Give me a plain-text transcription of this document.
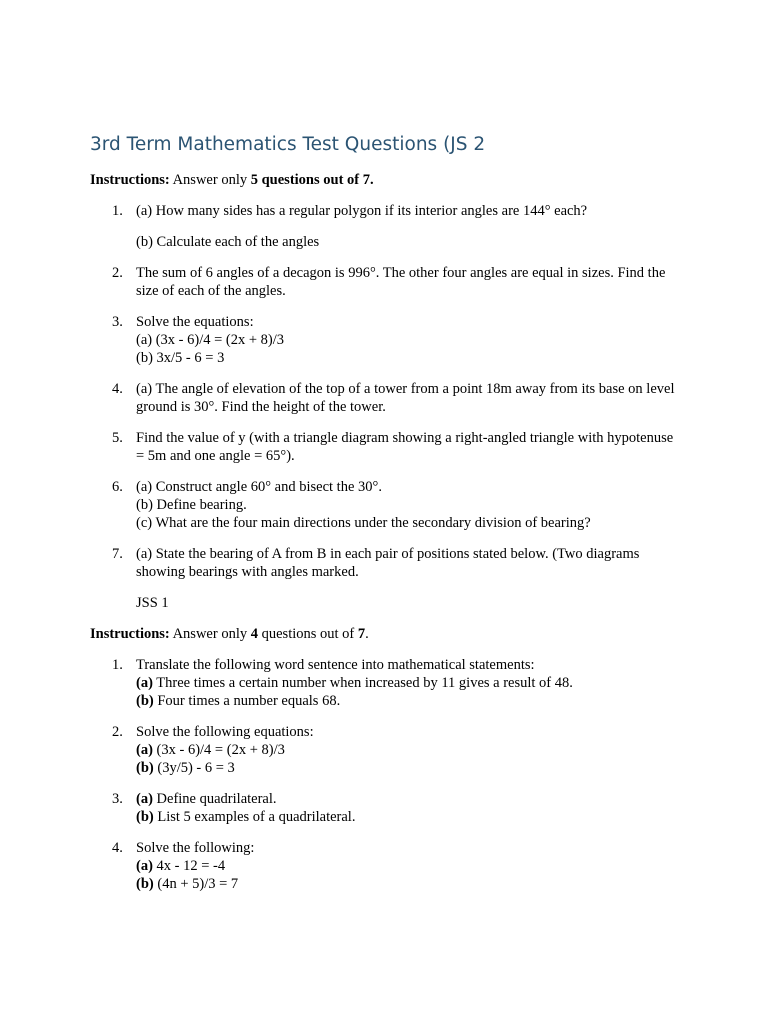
3rd Term Mathematics Test Questions (JS 2

Instructions: Answer only 5 questions out of 7.

1. (a) How many sides has a regular polygon if its interior angles are 144° each?
(b) Calculate each of the angles
2. The sum of 6 angles of a decagon is 996°. The other four angles are equal in sizes. Find the size of each of the angles.
3. Solve the equations:
(a) (3x - 6)/4 = (2x + 8)/3
(b) 3x/5 - 6 = 3
4. (a) The angle of elevation of the top of a tower from a point 18m away from its base on level ground is 30°. Find the height of the tower.
5. Find the value of y (with a triangle diagram showing a right-angled triangle with hypotenuse = 5m and one angle = 65°).
6. (a) Construct angle 60° and bisect the 30°.
(b) Define bearing.
(c) What are the four main directions under the secondary division of bearing?
7. (a) State the bearing of A from B in each pair of positions stated below. (Two diagrams showing bearings with angles marked.

JSS 1

Instructions: Answer only 4 questions out of 7.

1. Translate the following word sentence into mathematical statements:
(a) Three times a certain number when increased by 11 gives a result of 48.
(b) Four times a number equals 68.
2. Solve the following equations:
(a) (3x - 6)/4 = (2x + 8)/3
(b) (3y/5) - 6 = 3
3. (a) Define quadrilateral.
(b) List 5 examples of a quadrilateral.
4. Solve the following:
(a) 4x - 12 = -4
(b) (4n + 5)/3 = 7
